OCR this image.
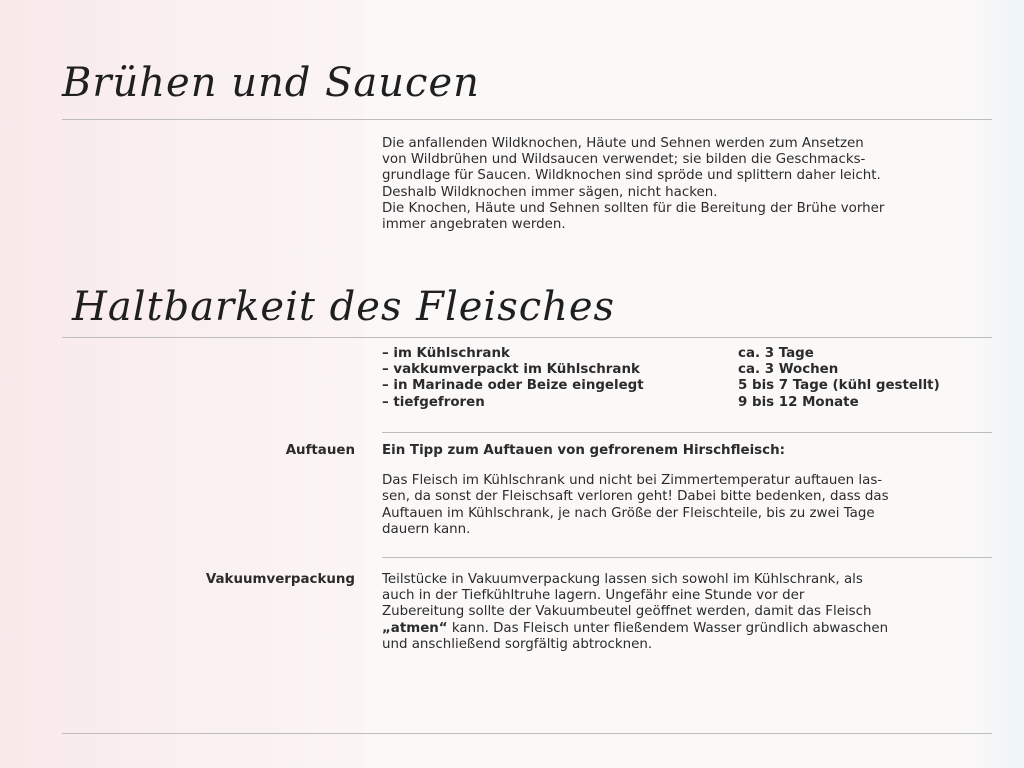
Brühen und Saucen

Die anfallenden Wildknochen, Häute und Sehnen werden zum Ansetzen

von Wildbrühen und Wildsaucen verwendet; sie bilden die Geschmacks-

grundlage für Saucen. Wildknochen sind spröde und splittern daher leicht.

Deshalb Wildknochen immer sägen, nicht hacken.

Die Knochen, Häute und Sehnen sollten für die Bereitung der Brühe vorher

immer angebraten werden.

Haltbarkeit des Fleisches
– im Kühlschrank	ca. 3 Tage
– vakkumverpackt im Kühlschrank	ca. 3 Wochen
– in Marinade oder Beize eingelegt	5 bis 7 Tage (kühl gestellt)
– tiefgefroren	9 bis 12 Monate
Auftauen Ein Tipp zum Auftauen von gefrorenem Hirschfleisch:

Das Fleisch im Kühlschrank und nicht bei Zimmertemperatur auftauen las-

sen, da sonst der Fleischsaft verloren geht! Dabei bitte bedenken, dass das

Auftauen im Kühlschrank, je nach Größe der Fleischteile, bis zu zwei Tage

dauern kann.

Vakuumverpackung Teilstücke in Vakuumverpackung lassen sich sowohl im Kühlschrank, als

auch in der Tiefkühltruhe lagern. Ungefähr eine Stunde vor der

Zubereitung sollte der Vakuumbeutel geöffnet werden, damit das Fleisch

„atmen“ kann. Das Fleisch unter fließendem Wasser gründlich abwaschen

und anschließend sorgfältig abtrocknen.
